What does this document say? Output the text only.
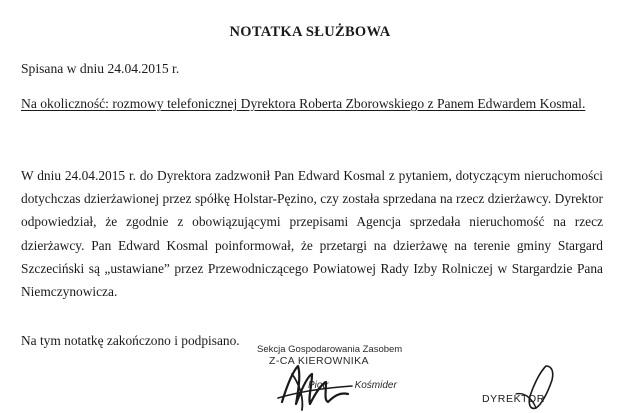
NOTATKA SŁUŻBOWA
Spisana w dniu 24.04.2015 r.
Na okoliczność: rozmowy telefonicznej Dyrektora Roberta Zborowskiego z Panem Edwardem Kosmal.
W dniu 24.04.2015 r. do Dyrektora zadzwonił Pan Edward Kosmal z pytaniem, dotyczącym nieruchomości dotychczas dzierżawionej przez spółkę Holstar-Pęzino, czy została sprzedana na rzecz dzierżawcy. Dyrektor odpowiedział, że zgodnie z obowiązującymi przepisami Agencja sprzedała nieruchomość na rzecz dzierżawcy. Pan Edward Kosmal poinformował, że przetargi na dzierżawę na terenie gminy Stargard Szczeciński są „ustawiane” przez Przewodniczącego Powiatowej Rady Izby Rolniczej w Stargardzie Pana Niemczynowicza.
Na tym notatkę zakończono i podpisano.
Sekcja Gospodarowania Zasobem
Z-CA KIEROWNIKA
Piotr	Kośmider
DYREKTOR
